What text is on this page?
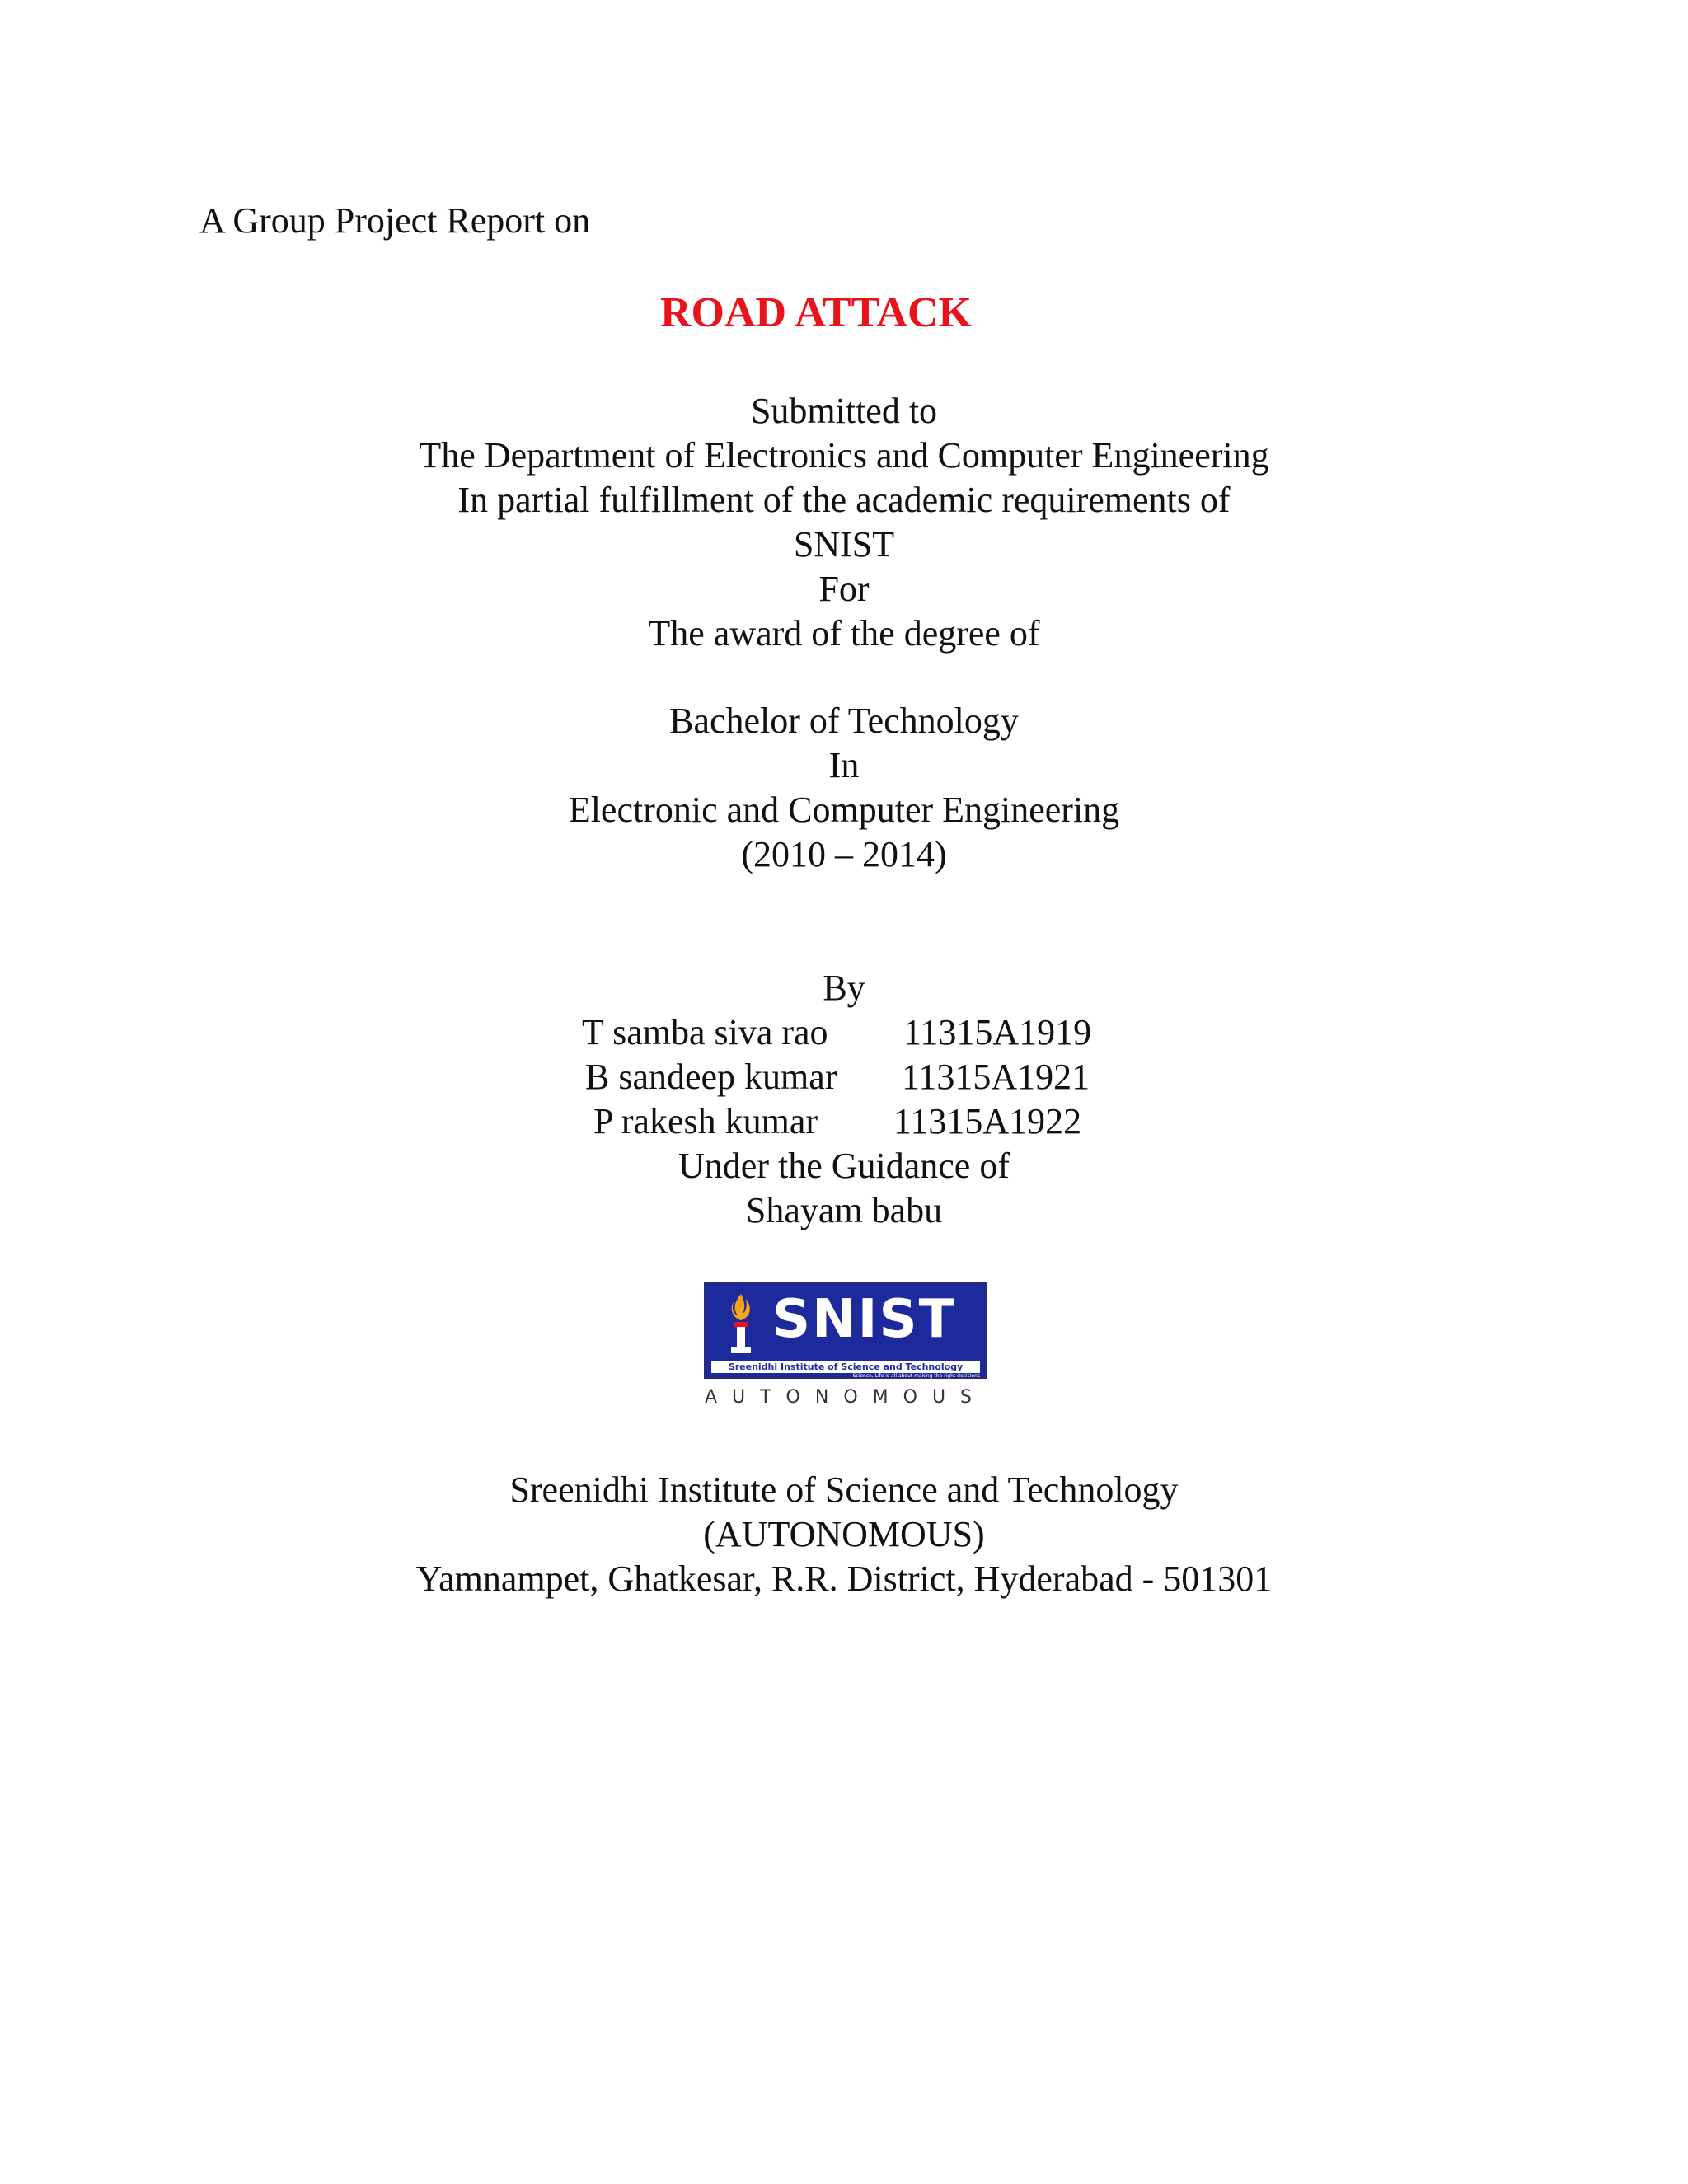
A Group Project Report on
ROAD ATTACK
Submitted to
The Department of Electronics and Computer Engineering
In partial fulfillment of the academic requirements of
SNIST
For
The award of the degree of
Bachelor of Technology
In
Electronic and Computer Engineering
(2010 – 2014)
By
T samba siva rao 11315A1919
B sandeep kumar 11315A1921
P rakesh kumar 11315A1922
Under the Guidance of
Shayam babu
SNIST
Sreenidhi Institute of Science and Technology
Science, Life is all about making the right decisions
AUTONOMOUS
Sreenidhi Institute of Science and Technology
(AUTONOMOUS)
Yamnampet, Ghatkesar, R.R. District, Hyderabad - 501301
